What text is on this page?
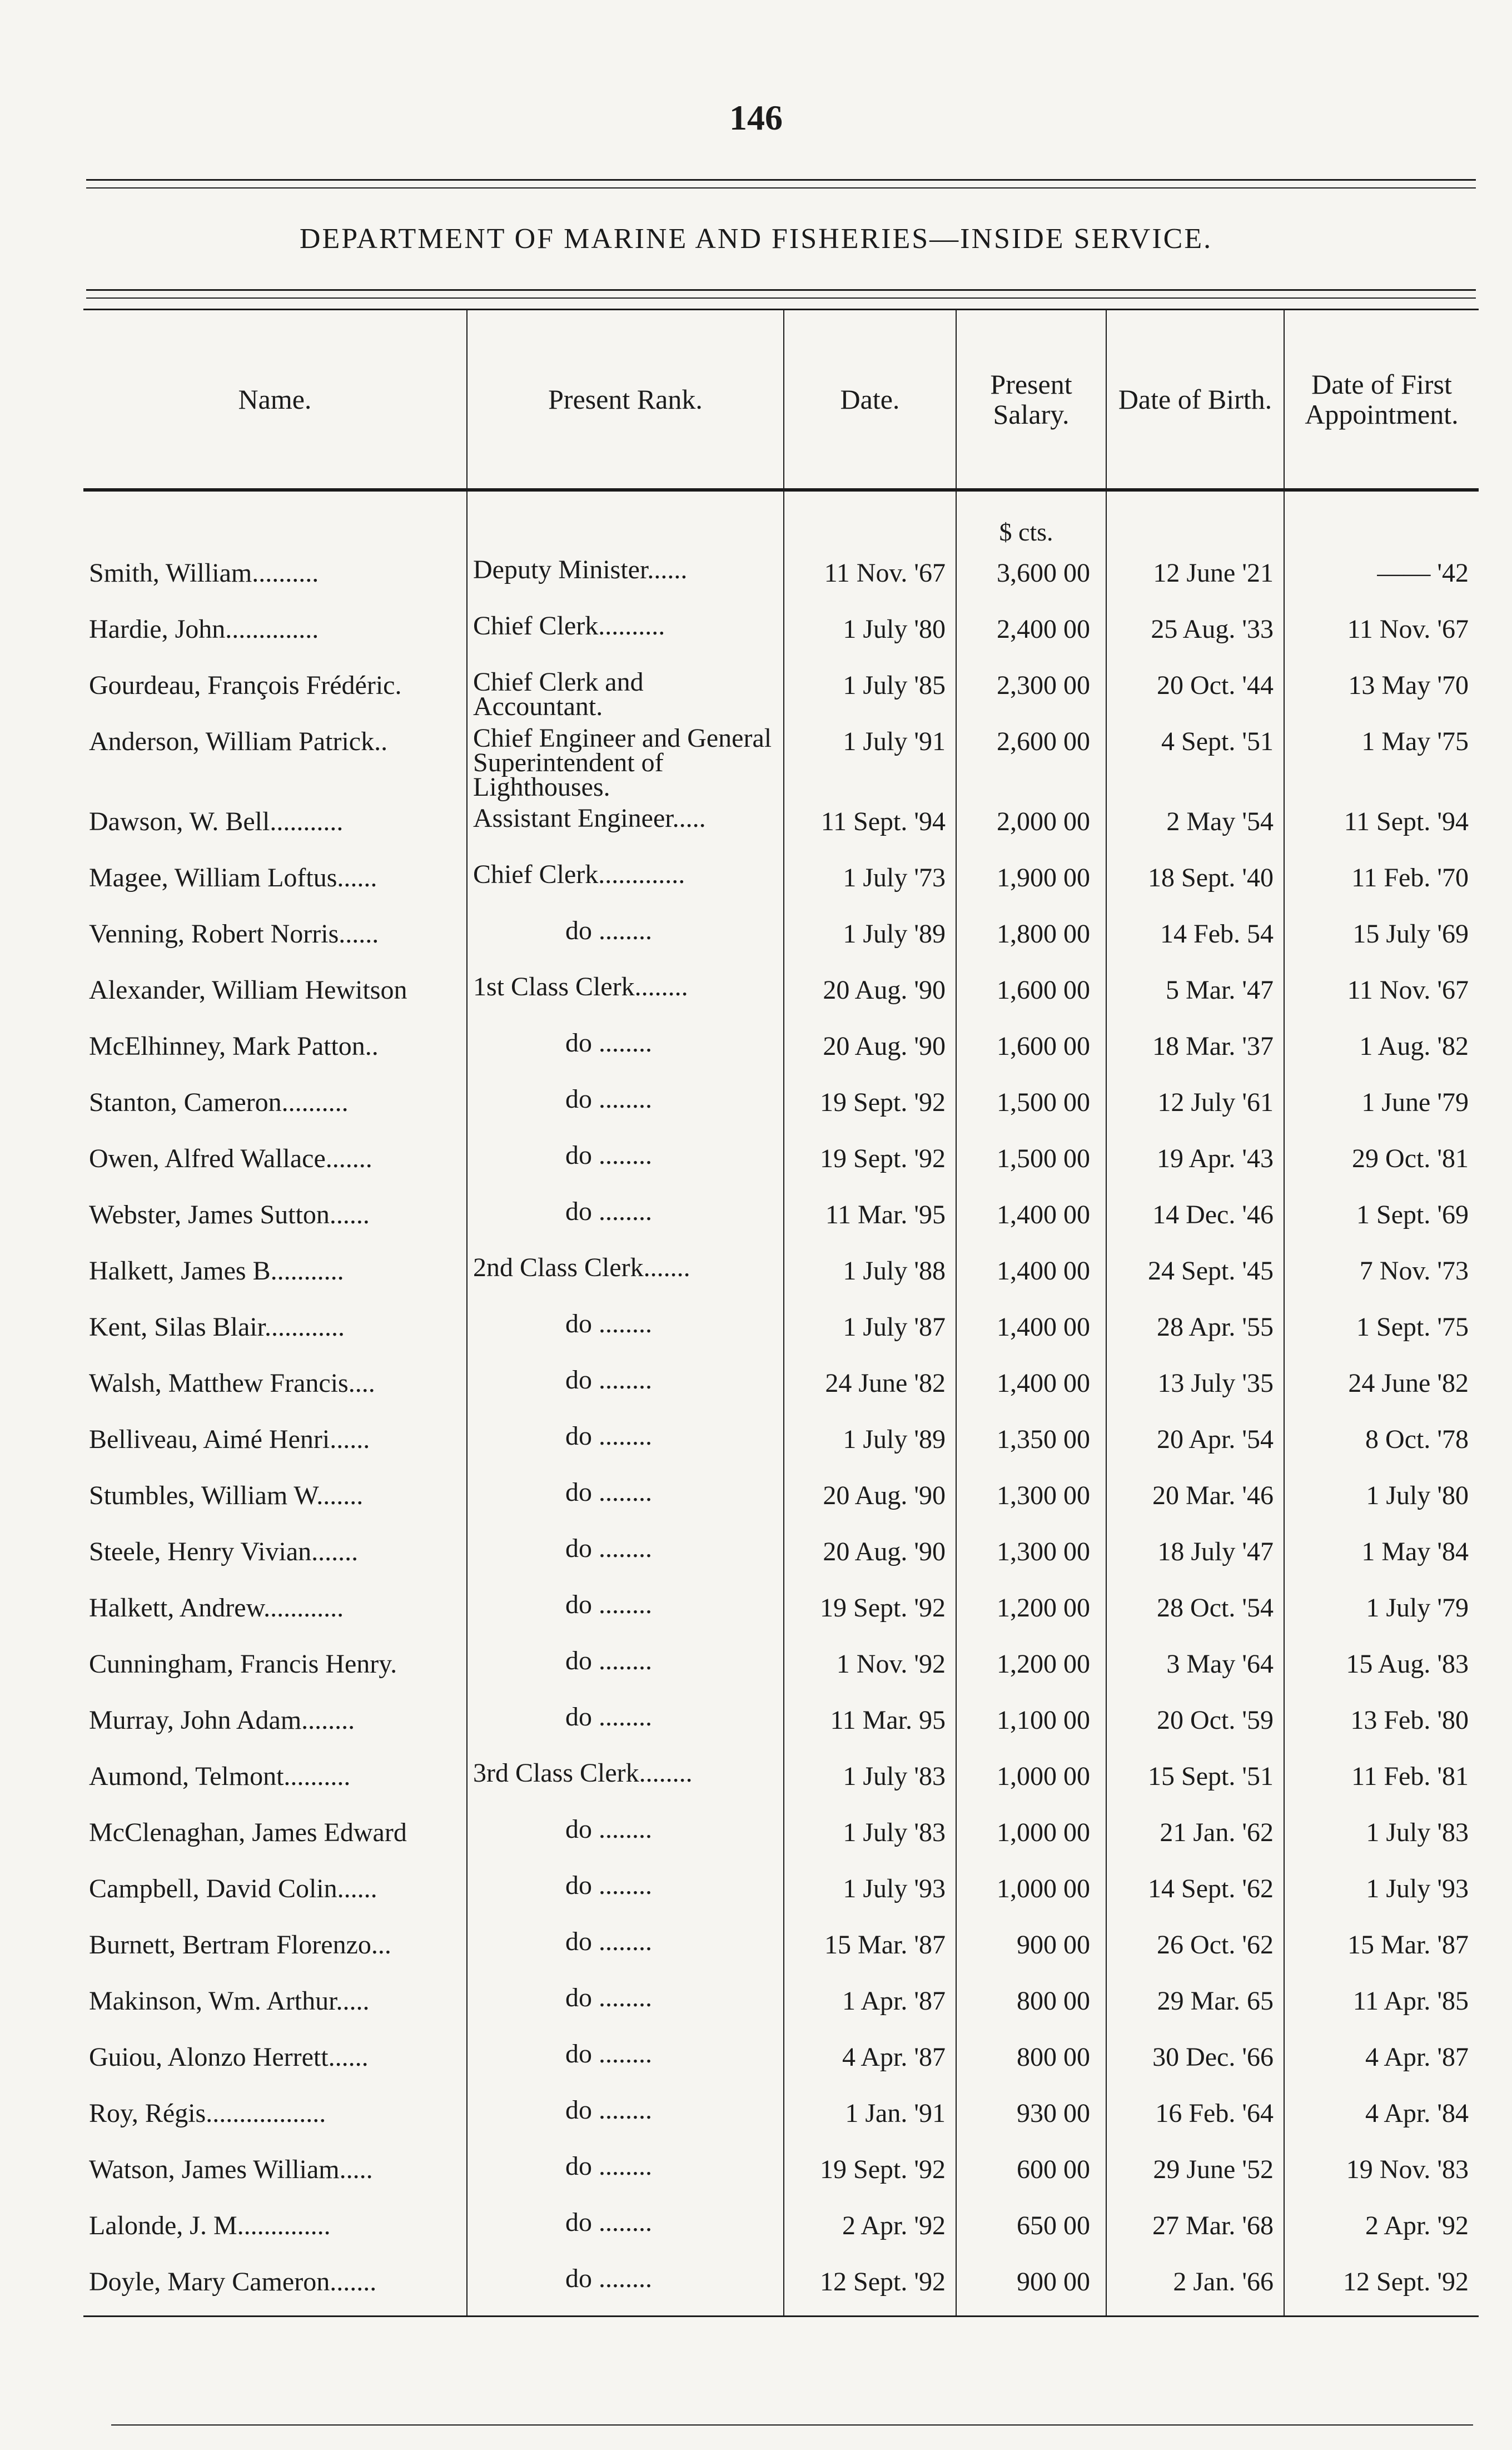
146
DEPARTMENT OF MARINE AND FISHERIES—INSIDE SERVICE.
Name.	Present Rank.	Date.	Present Salary.	Date of Birth.	Date of First Appointment.
			$ cts.		
Smith, William..........	Deputy Minister......	11 Nov. '67	3,600 00	12 June '21	—— '42
Hardie, John..............	Chief Clerk..........	1 July '80	2,400 00	25 Aug. '33	11 Nov. '67
Gourdeau, François Frédéric.	Chief Clerk and Accountant.	1 July '85	2,300 00	20 Oct. '44	13 May '70
Anderson, William Patrick..	Chief Engineer and General Superintendent of Lighthouses.	1 July '91	2,600 00	4 Sept. '51	1 May '75
Dawson, W. Bell...........	Assistant Engineer.....	11 Sept. '94	2,000 00	2 May '54	11 Sept. '94
Magee, William Loftus......	Chief Clerk.............	1 July '73	1,900 00	18 Sept. '40	11 Feb. '70
Venning, Robert Norris......	do ........	1 July '89	1,800 00	14 Feb. 54	15 July '69
Alexander, William Hewitson	1st Class Clerk........	20 Aug. '90	1,600 00	5 Mar. '47	11 Nov. '67
McElhinney, Mark Patton..	do ........	20 Aug. '90	1,600 00	18 Mar. '37	1 Aug. '82
Stanton, Cameron..........	do ........	19 Sept. '92	1,500 00	12 July '61	1 June '79
Owen, Alfred Wallace.......	do ........	19 Sept. '92	1,500 00	19 Apr. '43	29 Oct. '81
Webster, James Sutton......	do ........	11 Mar. '95	1,400 00	14 Dec. '46	1 Sept. '69
Halkett, James B...........	2nd Class Clerk.......	1 July '88	1,400 00	24 Sept. '45	7 Nov. '73
Kent, Silas Blair............	do ........	1 July '87	1,400 00	28 Apr. '55	1 Sept. '75
Walsh, Matthew Francis....	do ........	24 June '82	1,400 00	13 July '35	24 June '82
Belliveau, Aimé Henri......	do ........	1 July '89	1,350 00	20 Apr. '54	8 Oct. '78
Stumbles, William W.......	do ........	20 Aug. '90	1,300 00	20 Mar. '46	1 July '80
Steele, Henry Vivian.......	do ........	20 Aug. '90	1,300 00	18 July '47	1 May '84
Halkett, Andrew............	do ........	19 Sept. '92	1,200 00	28 Oct. '54	1 July '79
Cunningham, Francis Henry.	do ........	1 Nov. '92	1,200 00	3 May '64	15 Aug. '83
Murray, John Adam........	do ........	11 Mar. 95	1,100 00	20 Oct. '59	13 Feb. '80
Aumond, Telmont..........	3rd Class Clerk........	1 July '83	1,000 00	15 Sept. '51	11 Feb. '81
McClenaghan, James Edward	do ........	1 July '83	1,000 00	21 Jan. '62	1 July '83
Campbell, David Colin......	do ........	1 July '93	1,000 00	14 Sept. '62	1 July '93
Burnett, Bertram Florenzo...	do ........	15 Mar. '87	900 00	26 Oct. '62	15 Mar. '87
Makinson, Wm. Arthur.....	do ........	1 Apr. '87	800 00	29 Mar. 65	11 Apr. '85
Guiou, Alonzo Herrett......	do ........	4 Apr. '87	800 00	30 Dec. '66	4 Apr. '87
Roy, Régis..................	do ........	1 Jan. '91	930 00	16 Feb. '64	4 Apr. '84
Watson, James William.....	do ........	19 Sept. '92	600 00	29 June '52	19 Nov. '83
Lalonde, J. M..............	do ........	2 Apr. '92	650 00	27 Mar. '68	2 Apr. '92
Doyle, Mary Cameron.......	do ........	12 Sept. '92	900 00	2 Jan. '66	12 Sept. '92
